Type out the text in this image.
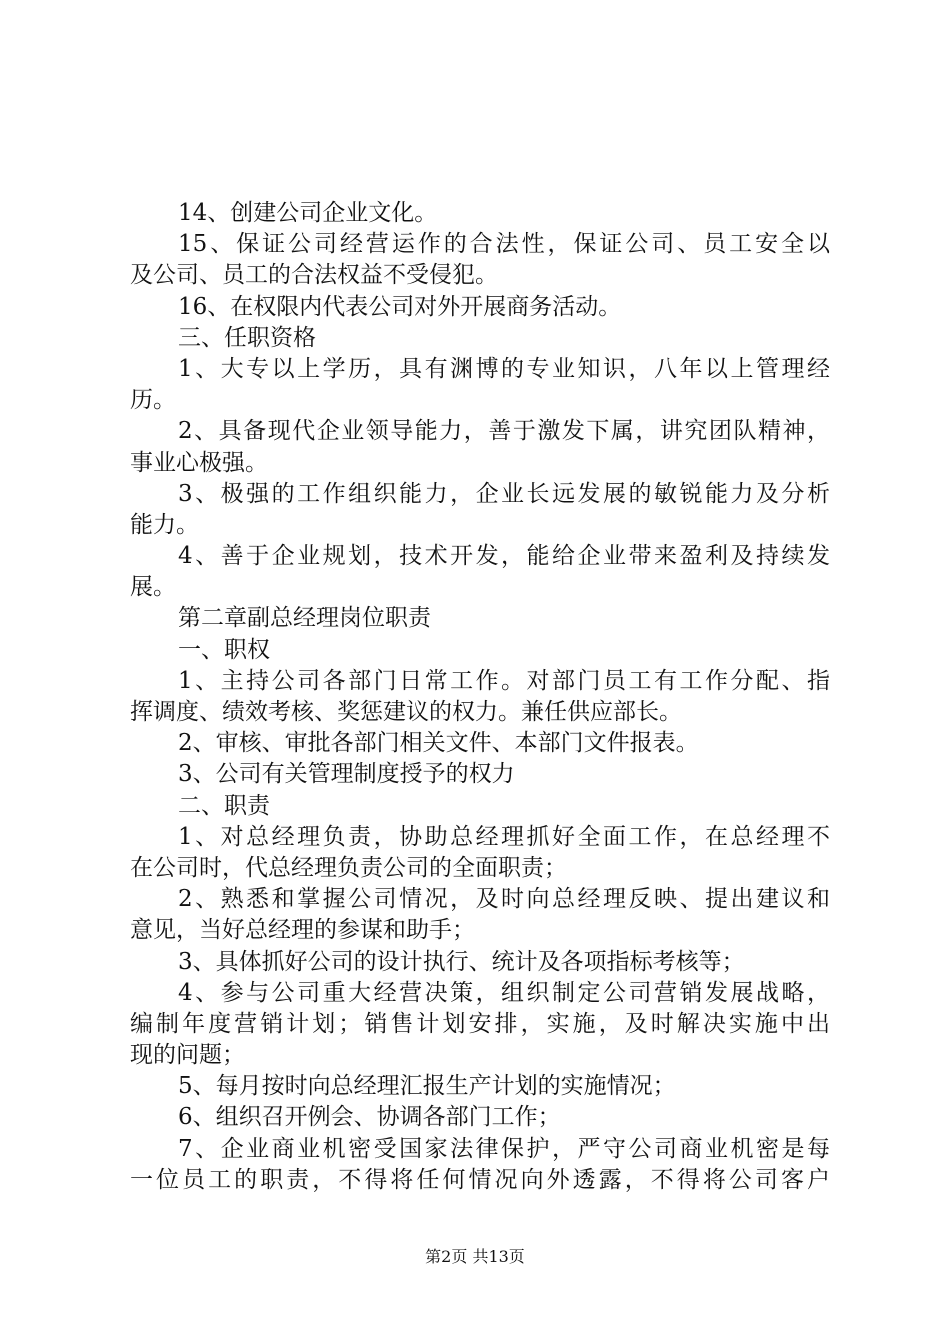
14、创建公司企业文化。
15、保证公司经营运作的合法性，保证公司、员工安全以
及公司、员工的合法权益不受侵犯。
16、在权限内代表公司对外开展商务活动。
三、任职资格
1、大专以上学历，具有渊博的专业知识，八年以上管理经
历。
2、具备现代企业领导能力，善于激发下属，讲究团队精神，
事业心极强。
3、极强的工作组织能力，企业长远发展的敏锐能力及分析
能力。
4、善于企业规划，技术开发，能给企业带来盈利及持续发
展。
第二章副总经理岗位职责
一、职权
1、主持公司各部门日常工作。对部门员工有工作分配、指
挥调度、绩效考核、奖惩建议的权力。兼任供应部长。
2、审核、审批各部门相关文件、本部门文件报表。
3、公司有关管理制度授予的权力
二、职责
1、对总经理负责，协助总经理抓好全面工作，在总经理不
在公司时，代总经理负责公司的全面职责；
2、熟悉和掌握公司情况，及时向总经理反映、提出建议和
意见，当好总经理的参谋和助手；
3、具体抓好公司的设计执行、统计及各项指标考核等；
4、参与公司重大经营决策，组织制定公司营销发展战略，
编制年度营销计划；销售计划安排，实施，及时解决实施中出
现的问题；
5、每月按时向总经理汇报生产计划的实施情况；
6、组织召开例会、协调各部门工作；
7、企业商业机密受国家法律保护，严守公司商业机密是每
一位员工的职责，不得将任何情况向外透露，不得将公司客户
第2页 共13页
